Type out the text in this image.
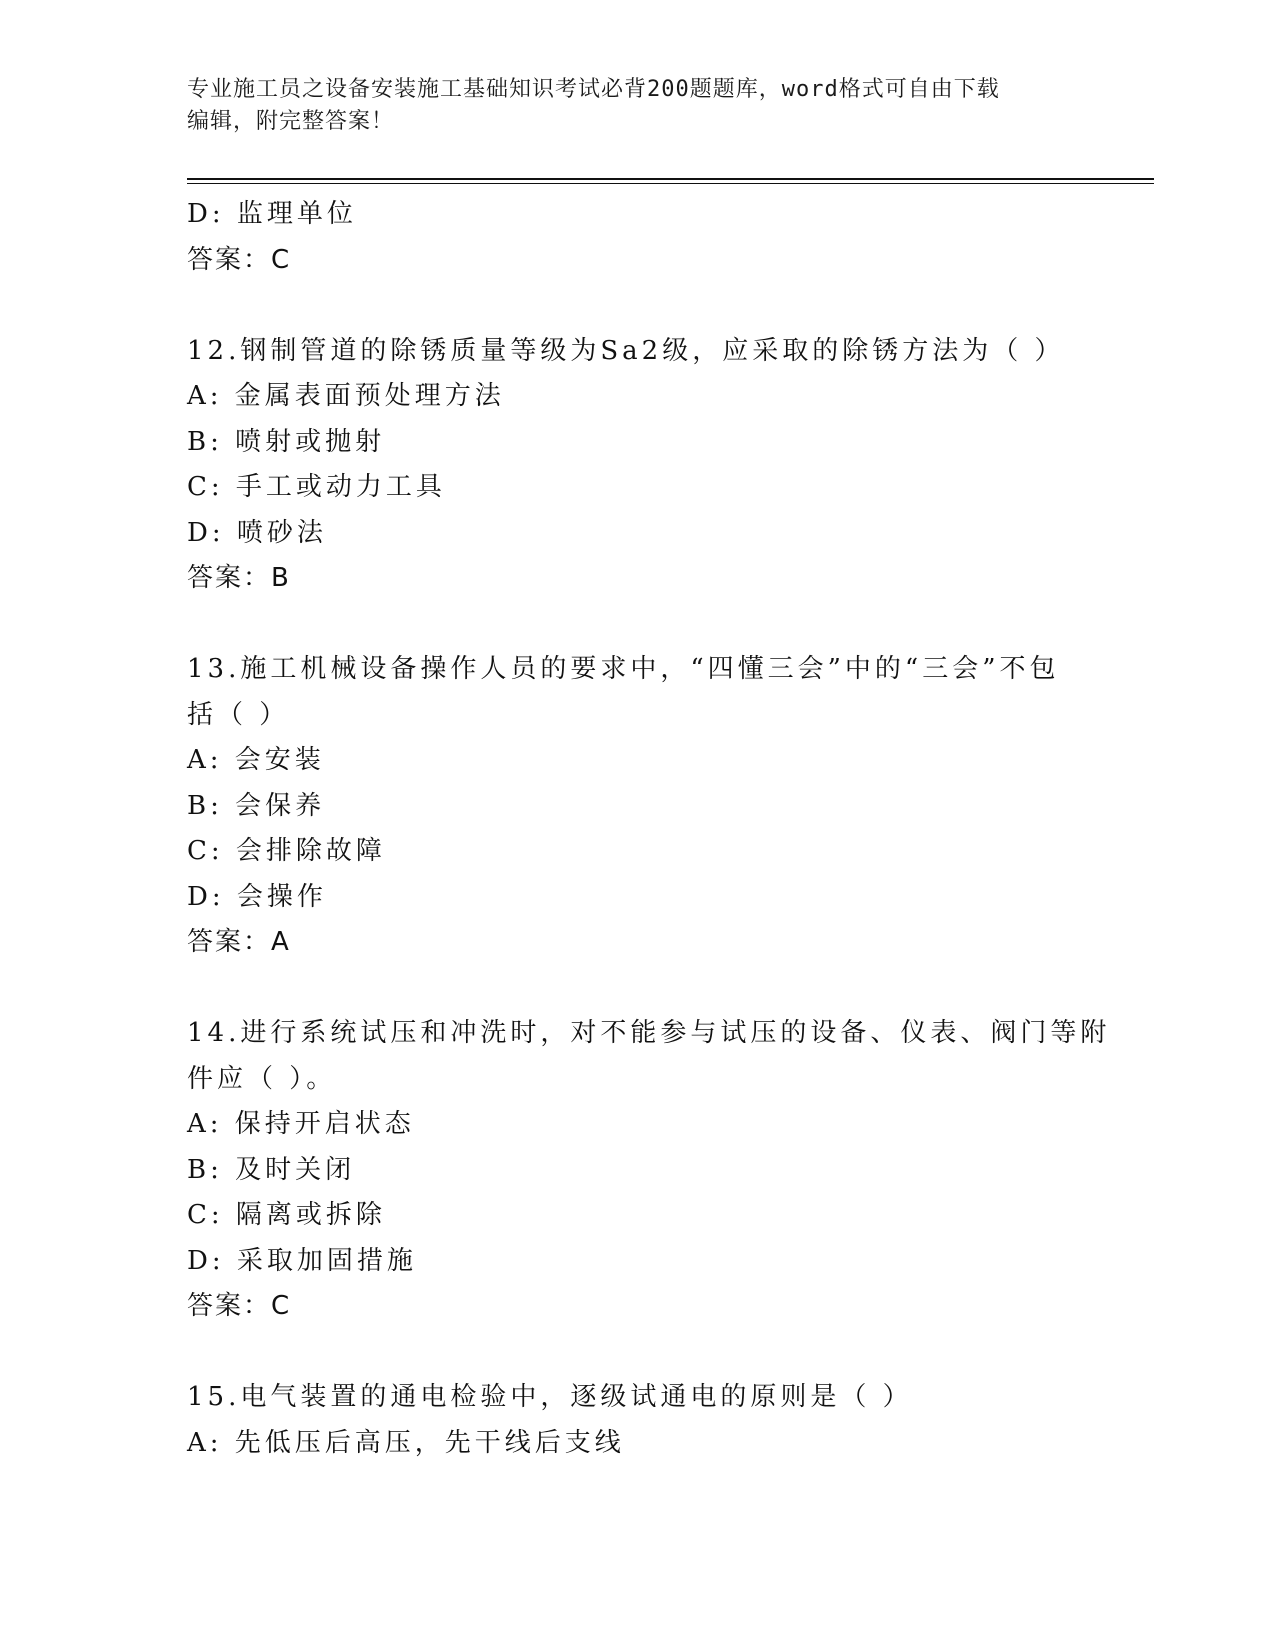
专业施工员之设备安装施工基础知识考试必背200题题库，word格式可自由下载
编辑，附完整答案！
D: 监理单位
答案：C
12.钢制管道的除锈质量等级为Sa2级，应采取的除锈方法为（ ）
A: 金属表面预处理方法
B: 喷射或抛射
C: 手工或动力工具
D: 喷砂法
答案：B
13.施工机械设备操作人员的要求中，“四懂三会”中的“三会”不包
括（ ）
A: 会安装
B: 会保养
C: 会排除故障
D: 会操作
答案：A
14.进行系统试压和冲洗时，对不能参与试压的设备、仪表、阀门等附
件应（ ）。
A: 保持开启状态
B: 及时关闭
C: 隔离或拆除
D: 采取加固措施
答案：C
15.电气装置的通电检验中，逐级试通电的原则是（ ）
A: 先低压后高压，先干线后支线
